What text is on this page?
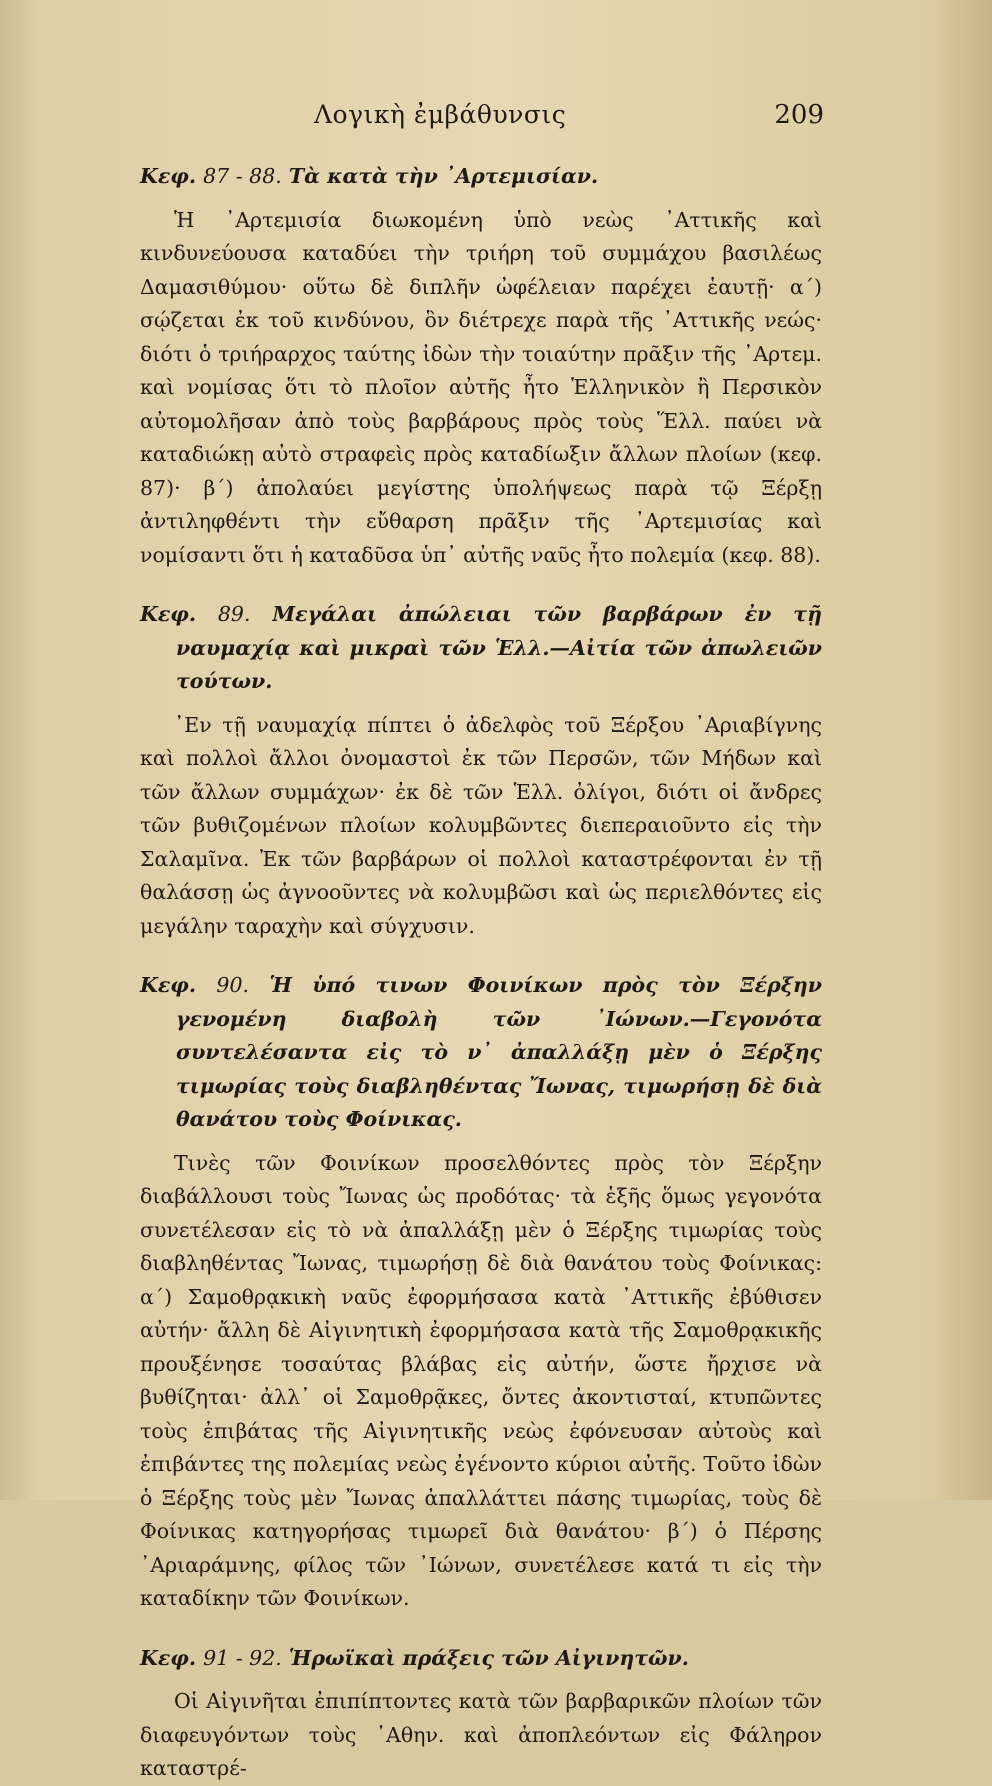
Λογικὴ ἐμβάθυνσις	209

Κεφ. 87 - 88. Τὰ κατὰ τὴν ᾽Αρτεμισίαν.

Ἡ ᾽Αρτεμισία διωκομένη ὑπὸ νεὼς ᾽Αττικῆς καὶ κινδυνεύουσα καταδύει τὴν τριήρη τοῦ συμμάχου βασιλέως Δαμασιθύμου· οὕτω δὲ διπλῆν ὠφέλειαν παρέχει ἑαυτῇ· α΄) σῴζεται ἐκ τοῦ κινδύνου, ὃν διέτρεχε παρὰ τῆς ᾽Αττικῆς νεώς· διότι ὁ τριήραρχος ταύτης ἰδὼν τὴν τοιαύτην πρᾶξιν τῆς ᾽Αρτεμ. καὶ νομίσας ὅτι τὸ πλοῖον αὐτῆς ἦτο Ἑλληνικὸν ἢ Περσικὸν αὐτομολῆσαν ἀπὸ τοὺς βαρβάρους πρὸς τοὺς Ἕλλ. παύει νὰ καταδιώκῃ αὐτὸ στραφεὶς πρὸς καταδίωξιν ἄλλων πλοίων (κεφ. 87)· β΄) ἀπολαύει μεγίστης ὑπολήψεως παρὰ τῷ Ξέρξῃ ἀντιληφθέντι τὴν εὔθαρση πρᾶξιν τῆς ᾽Αρτεμισίας καὶ νομίσαντι ὅτι ἡ καταδῦσα ὑπ᾽ αὐτῆς ναῦς ἦτο πολεμία (κεφ. 88).

Κεφ. 89. Μεγάλαι ἀπώλειαι τῶν βαρβάρων ἐν τῇ ναυμαχίᾳ καὶ μικραὶ τῶν Ἑλλ.—Αἰτία τῶν ἀπωλειῶν τούτων.

᾽Εν τῇ ναυμαχίᾳ πίπτει ὁ ἀδελφὸς τοῦ Ξέρξου ᾽Αριαβίγνης καὶ πολλοὶ ἄλλοι ὀνομαστοὶ ἐκ τῶν Περσῶν, τῶν Μήδων καὶ τῶν ἄλλων συμμάχων· ἐκ δὲ τῶν Ἑλλ. ὀλίγοι, διότι οἱ ἄνδρες τῶν βυθιζομένων πλοίων κολυμβῶντες διεπεραιοῦντο εἰς τὴν Σαλαμῖνα. Ἐκ τῶν βαρβάρων οἱ πολλοὶ καταστρέφονται ἐν τῇ θαλάσσῃ ὡς ἀγνοοῦντες νὰ κολυμβῶσι καὶ ὡς περιελθόντες εἰς μεγάλην ταραχὴν καὶ σύγχυσιν.

Κεφ. 90. Ἡ ὑπό τινων Φοινίκων πρὸς τὸν Ξέρξην γενομένη διαβολὴ τῶν ᾽Ιώνων.—Γεγονότα συντελέσαντα εἰς τὸ ν᾽ ἀπαλλάξῃ μὲν ὁ Ξέρξης τιμωρίας τοὺς διαβληθέντας Ἴωνας, τιμωρήσῃ δὲ διὰ θανάτου τοὺς Φοίνικας.

Τινὲς τῶν Φοινίκων προσελθόντες πρὸς τὸν Ξέρξην διαβάλλουσι τοὺς Ἴωνας ὡς προδότας· τὰ ἑξῆς ὅμως γεγονότα συνετέλεσαν εἰς τὸ νὰ ἀπαλλάξῃ μὲν ὁ Ξέρξης τιμωρίας τοὺς διαβληθέντας Ἴωνας, τιμωρήσῃ δὲ διὰ θανάτου τοὺς Φοίνικας: α΄) Σαμοθρᾳκικὴ ναῦς ἐφορμήσασα κατὰ ᾽Αττικῆς ἐβύθισεν αὐτήν· ἄλλη δὲ Αἰγινητικὴ ἐφορμήσασα κατὰ τῆς Σαμοθρᾳκικῆς προυξένησε τοσαύτας βλάβας εἰς αὐτήν, ὥστε ἤρχισε νὰ βυθίζηται· ἀλλ᾽ οἱ Σαμοθρᾷκες, ὄντες ἀκοντισταί, κτυπῶντες τοὺς ἐπιβάτας τῆς Αἰγινητικῆς νεὼς ἐφόνευσαν αὐτοὺς καὶ ἐπιβάντες της πολεμίας νεὼς ἐγένοντο κύριοι αὐτῆς. Τοῦτο ἰδὼν ὁ Ξέρξης τοὺς μὲν Ἴωνας ἀπαλλάττει πάσης τιμωρίας, τοὺς δὲ Φοίνικας κατηγορήσας τιμωρεῖ διὰ θανάτου· β΄) ὁ Πέρσης ᾽Αριαράμνης, φίλος τῶν ᾽Ιώνων, συνετέλεσε κατά τι εἰς τὴν καταδίκην τῶν Φοινίκων.

Κεφ. 91 - 92. Ἡρωϊκαὶ πράξεις τῶν Αἰγινητῶν.

Οἱ Αἰγινῆται ἐπιπίπτοντες κατὰ τῶν βαρβαρικῶν πλοίων τῶν διαφευγόντων τοὺς ᾽Αθην. καὶ ἀποπλεόντων εἰς Φάληρον καταστρέ-
